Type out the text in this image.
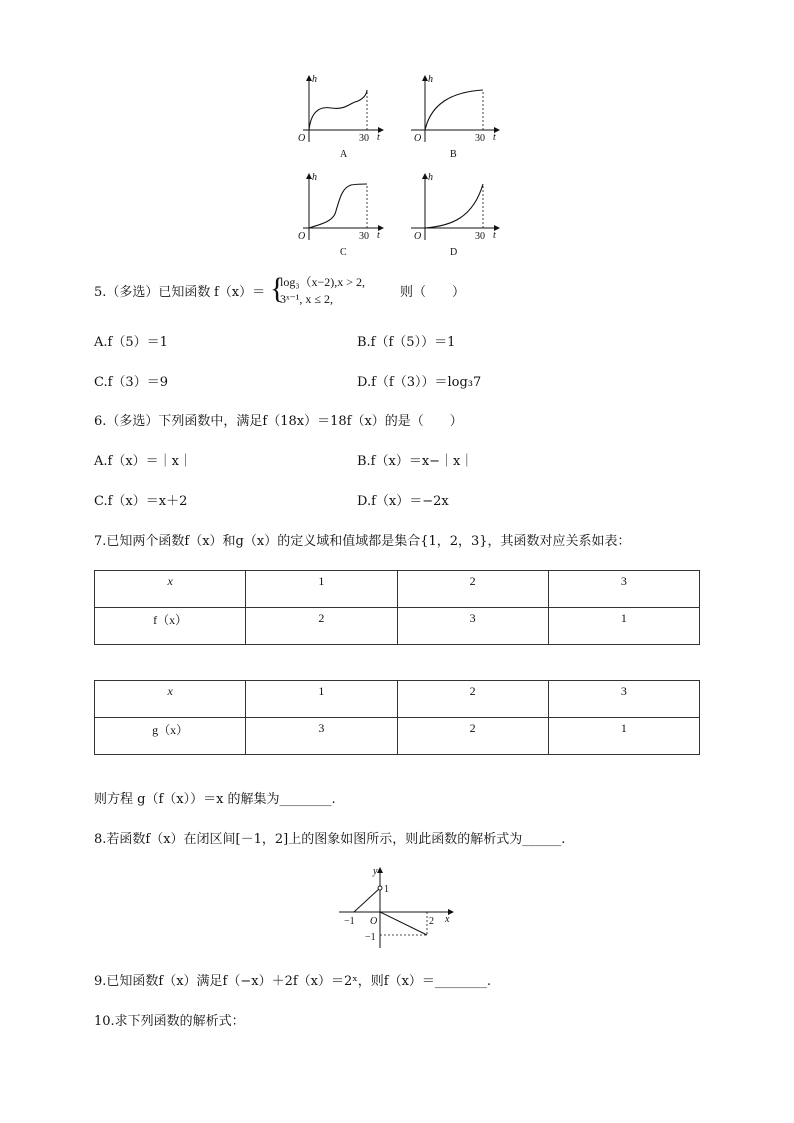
h
t
O	30
A
h
t
O	30
B
h
t
O	30
C
h
t
O	30
D
5.（多选）已知函数 f（x）＝ {
log₃（x−2),x > 2,
3ˣ⁻¹, x ≤ 2,	则（　　）
A.f（5）＝1	B.f（f（5））＝1
C.f（3）＝9	D.f（f（3））＝log₃7
6.（多选）下列函数中，满足f（18x）＝18f（x）的是（　　）
A.f（x）＝｜x｜	B.f（x）＝x−｜x｜
C.f（x）＝x＋2	D.f（x）＝−2x
7.已知两个函数f（x）和g（x）的定义域和值域都是集合{1，2，3}，其函数对应关系如表：
x	1	2	3
f（x）	2	3	1
x	1	2	3
g（x）	3	2	1
则方程 g（f（x））＝x 的解集为________.
8.若函数f（x）在闭区间[－1，2]上的图象如图所示，则此函数的解析式为______.
y
x
O
1
−1
−1
2
9.已知函数f（x）满足f（−x）＋2f（x）＝2ˣ，则f（x）＝________.
10.求下列函数的解析式：
